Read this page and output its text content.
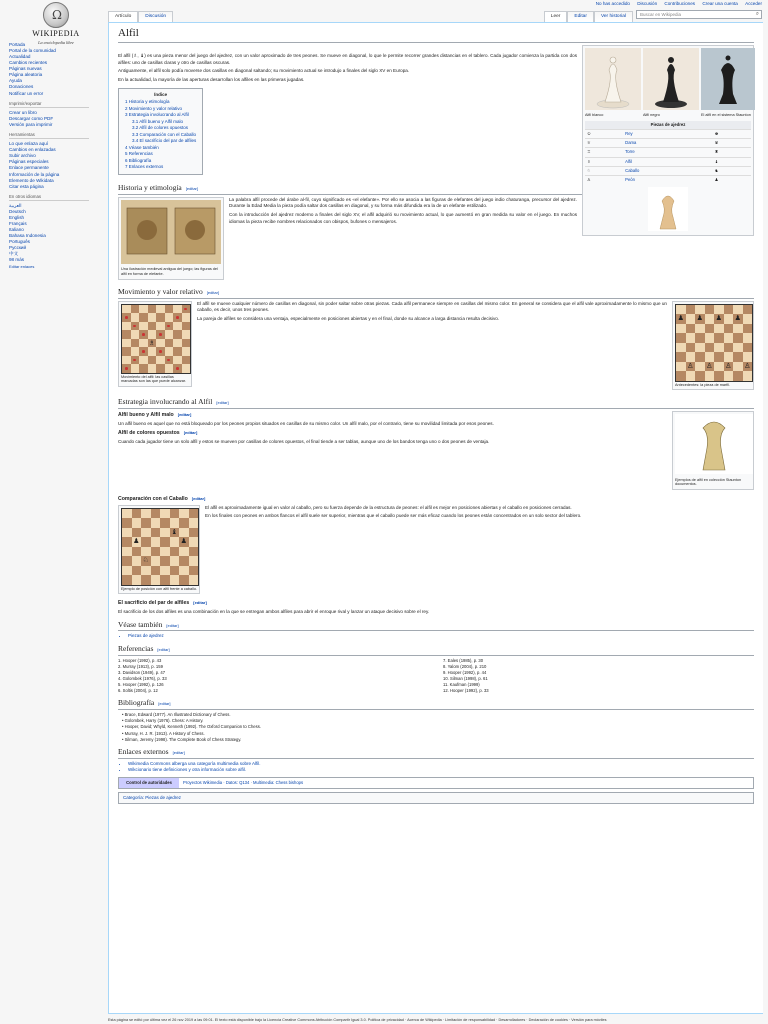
No has accedido Discusión Contribuciones Crear una cuenta Acceder
Ω
WIKIPEDIA
La enciclopedia libre
Portada
Portal de la comunidad
Actualidad
Cambios recientes
Páginas nuevas
Página aleatoria
Ayuda
Donaciones
Notificar un error
Imprimir/exportar
Crear un libro
Descargar como PDF
Versión para imprimir
Herramientas
Lo que enlaza aquí
Cambios en enlazadas
Subir archivo
Páginas especiales
Enlace permanente
Información de la página
Elemento de Wikidata
Citar esta página
En otros idiomas
العربية
Deutsch
English
Français
Italiano
Bahasa Indonesia
Português
Русский
中文
98 más
Editar enlaces
Artículo	Discusión	Leer	Editar	Ver historial	Buscar en Wikipedia	⌕
Alfil
Alfil blanco	Alfil negro	El alfil en el sistema Staunton
Piezas de ajedrez		
♔	Rey	♚
♕	Dama	♛
♖	Torre	♜
♗	Alfil	♝
♘	Caballo	♞
♙	Peón	♟

El alfil (♗, ♝) es una pieza menor del juego del ajedrez, con un valor aproximado de tres peones. Se mueve en diagonal, lo que le permite recorrer grandes distancias en el tablero. Cada jugador comienza la partida con dos alfiles: uno de casillas claras y otro de casillas oscuras.

Antiguamente, el alfil solo podía moverse dos casillas en diagonal saltando; su movimiento actual se introdujo a finales del siglo XV en Europa.

En la actualidad, la mayoría de las aperturas desarrollan los alfiles en las primeras jugadas.

Índice
1 Historia y etimología
2 Movimiento y valor relativo
3 Estrategia involucrando al Alfil
3.1 Alfil bueno y Alfil malo
3.2 Alfil de colores opuestos
3.3 Comparación con el Caballo
3.4 El sacrificio del par de alfiles
4 Véase también
5 Referencias
6 Bibliografía
7 Enlaces externos
Historia y etimología [editar]
Una ilustración medieval antigua del juego; las figuras del alfil en forma de elefante.

La palabra alfil procede del árabe al-fil, cuyo significado es «el elefante». Por ello se asocia a las figuras de elefantes del juego indio chaturanga, precursor del ajedrez. Durante la Edad Media la pieza podía saltar dos casillas en diagonal, y su forma más difundida era la de un elefante estilizado.

Con la introducción del ajedrez moderno a finales del siglo XV, el alfil adquirió su movimiento actual, lo que aumentó en gran medida su valor en el juego. En muchos idiomas la pieza recibe nombres relacionados con obispos, bufones o mensajeros.

Movimiento y valor relativo [editar]
♗
Movimiento del alfil: las casillas marcadas son las que puede alcanzar.
♟ ♟ ♟ ♟
♙ ♙ ♙ ♙
Antecedentes: la pieza de marfil.

El alfil se mueve cualquier número de casillas en diagonal, sin poder saltar sobre otras piezas. Cada alfil permanece siempre en casillas del mismo color. En general se considera que el alfil vale aproximadamente lo mismo que un caballo, es decir, unos tres peones.

La pareja de alfiles se considera una ventaja, especialmente en posiciones abiertas y en el final, donde su alcance a larga distancia resulta decisivo.

Estrategia involucrando al Alfil [editar]
Ejemplos de alfil en colección Staunton documentos.
Alfil bueno y Alfil malo [editar]

Un alfil bueno es aquel que no está bloqueado por los peones propios situados en casillas de su mismo color. Un alfil malo, por el contrario, tiene su movilidad limitada por esos peones.

Alfil de colores opuestos [editar]

Cuando cada jugador tiene un solo alfil y estos se mueven por casillas de colores opuestos, el final tiende a ser tablas, aunque uno de los bandos tenga uno o dos peones de ventaja.

Comparación con el Caballo [editar]
♝
♟	♟
♘
Ejemplo de posición con alfil frente a caballo.

El alfil es aproximadamente igual en valor al caballo, pero su fuerza depende de la estructura de peones: el alfil es mejor en posiciones abiertas y el caballo en posiciones cerradas.

En los finales con peones en ambos flancos el alfil suele ser superior, mientras que el caballo puede ser más eficaz cuando los peones están concentrados en un solo sector del tablero.

El sacrificio del par de alfiles [editar]

El sacrificio de los dos alfiles es una combinación en la que se entregan ambos alfiles para abrir el enroque rival y lanzar un ataque decisivo sobre el rey.

Véase también [editar]
• Piezas de ajedrez
Referencias [editar]
1. Hooper (1992), p. 43
2. Murray (1913), p. 159
3. Davidson (1949), p. 47
4. Golombek (1976), p. 33
5. Hooper (1992), p. 126
6. Soltis (2004), p. 12
7. Eales (1985), p. 30
8. Yalom (2004), p. 210
9. Hooper (1992), p. 44
10. Silman (1998), p. 61
11. Kaufman (1999)
12. Hooper (1992), p. 33
Bibliografía [editar]
• Brace, Edward (1977). An Illustrated Dictionary of Chess.
• Golombek, Harry (1976). Chess: A History.
• Hooper, David; Whyld, Kenneth (1992). The Oxford Companion to Chess.
• Murray, H. J. R. (1913). A History of Chess.
• Silman, Jeremy (1998). The Complete Book of Chess Strategy.
Enlaces externos [editar]
• Wikimedia Commons alberga una categoría multimedia sobre Alfil.
• Wikcionario tiene definiciones y otra información sobre alfil.
Control de autoridades	Proyectos Wikimedia · Datos: Q134 · Multimedia: Chess bishops
Categoría: Piezas de ajedrez
Esta página se editó por última vez el 26 nov 2019 a las 09:01. El texto está disponible bajo la Licencia Creative Commons Atribución Compartir Igual 3.0. Política de privacidad · Acerca de Wikipedia · Limitación de responsabilidad · Desarrolladores · Declaración de cookies · Versión para móviles
